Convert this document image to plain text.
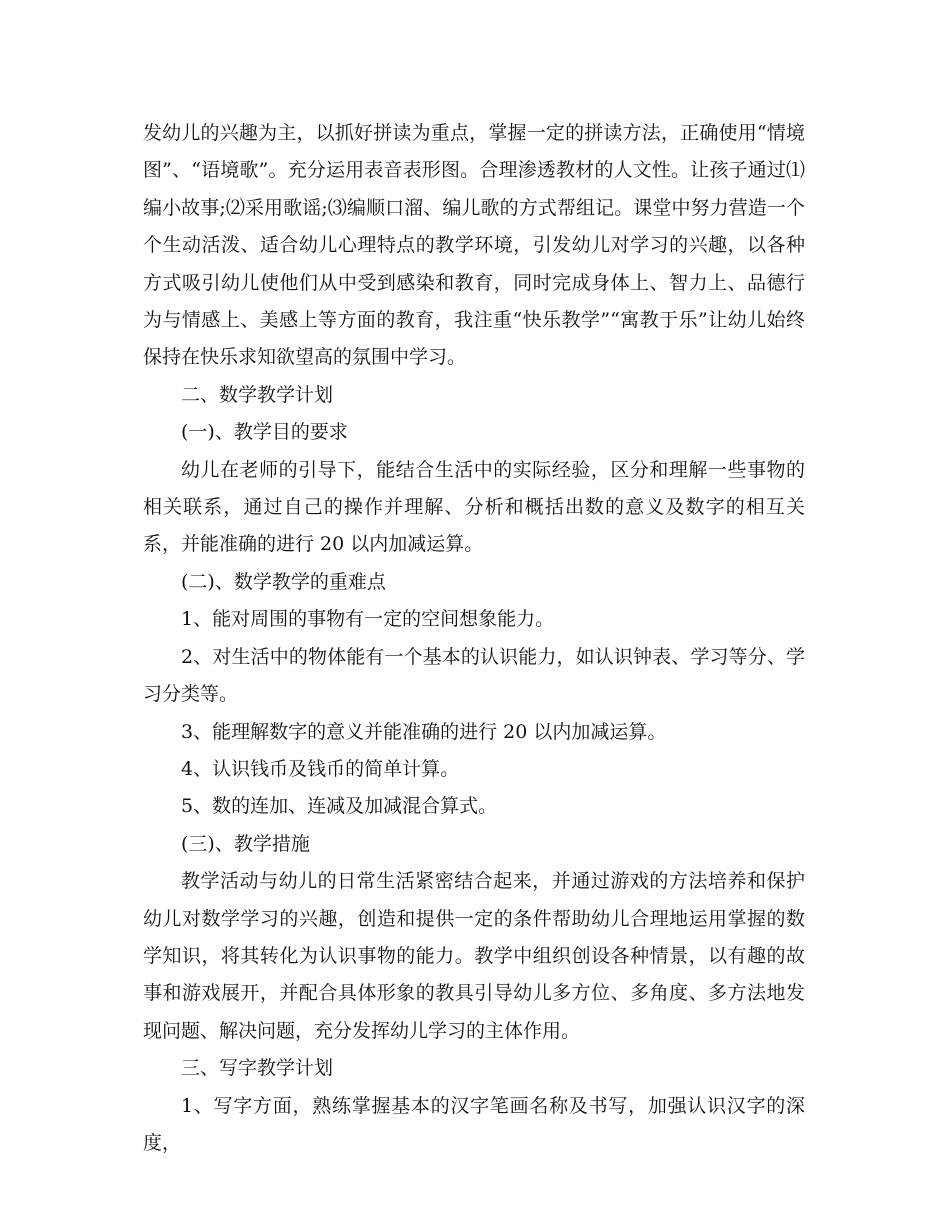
发幼儿的兴趣为主，以抓好拼读为重点，掌握一定的拼读方法，正确使用“情境图”、“语境歌”。充分运用表音表形图。合理渗透教材的人文性。让孩子通过⑴编小故事;⑵采用歌谣;⑶编顺口溜、编儿歌的方式帮组记。课堂中努力营造一个个生动活泼、适合幼儿心理特点的教学环境，引发幼儿对学习的兴趣，以各种方式吸引幼儿使他们从中受到感染和教育，同时完成身体上、智力上、品德行为与情感上、美感上等方面的教育，我注重“快乐教学”“寓教于乐”让幼儿始终保持在快乐求知欲望高的氛围中学习。

二、数学教学计划

(一)、教学目的要求

幼儿在老师的引导下，能结合生活中的实际经验，区分和理解一些事物的相关联系，通过自己的操作并理解、分析和概括出数的意义及数字的相互关系，并能准确的进行 20 以内加减运算。

(二)、数学教学的重难点

1、能对周围的事物有一定的空间想象能力。

2、对生活中的物体能有一个基本的认识能力，如认识钟表、学习等分、学习分类等。

3、能理解数字的意义并能准确的进行 20 以内加减运算。

4、认识钱币及钱币的简单计算。

5、数的连加、连减及加减混合算式。

(三)、教学措施

教学活动与幼儿的日常生活紧密结合起来，并通过游戏的方法培养和保护幼儿对数学学习的兴趣，创造和提供一定的条件帮助幼儿合理地运用掌握的数学知识，将其转化为认识事物的能力。教学中组织创设各种情景，以有趣的故事和游戏展开，并配合具体形象的教具引导幼儿多方位、多角度、多方法地发现问题、解决问题，充分发挥幼儿学习的主体作用。

三、写字教学计划

1、写字方面，熟练掌握基本的汉字笔画名称及书写，加强认识汉字的深度，
